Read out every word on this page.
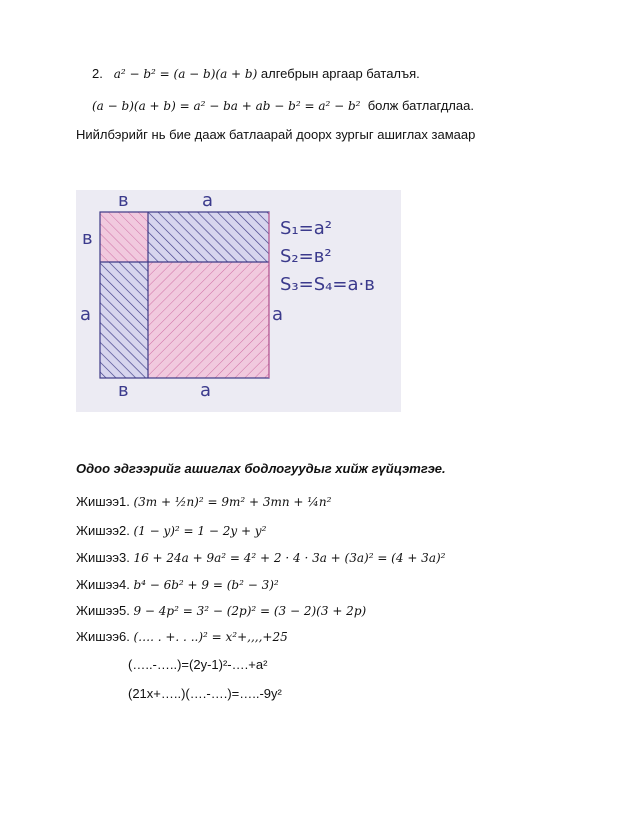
2. a² − b² = (a − b)(a + b) алгебрын аргаар баталъя.
(a − b)(a + b) = a² − ba + ab − b² = a² − b² болж батлагдлаа.
Нийлбэрийг нь бие дааж батлаарай доорх зургыг ашиглах замаар
в	a
в
a	a
в	a
S₁=a²
S₂=в²
S₃=S₄=a·в
Одоо эдгээрийг ашиглах бодлогуудыг хийж гүйцэтгэе.
Жишээ1. (3m + ½n)² = 9m² + 3mn + ¼n²
Жишээ2. (1 − y)² = 1 − 2y + y²
Жишээ3. 16 + 24a + 9a² = 4² + 2 · 4 · 3a + (3a)² = (4 + 3a)²
Жишээ4. b⁴ − 6b² + 9 = (b² − 3)²
Жишээ5. 9 − 4p² = 3² − (2p)² = (3 − 2)(3 + 2p)
Жишээ6. (…. . +. . ..)² = x²+,,,,+25
(…..-…..)=(2y-1)²-….+a²
(21x+…..)(….-….)=…..-9y²
